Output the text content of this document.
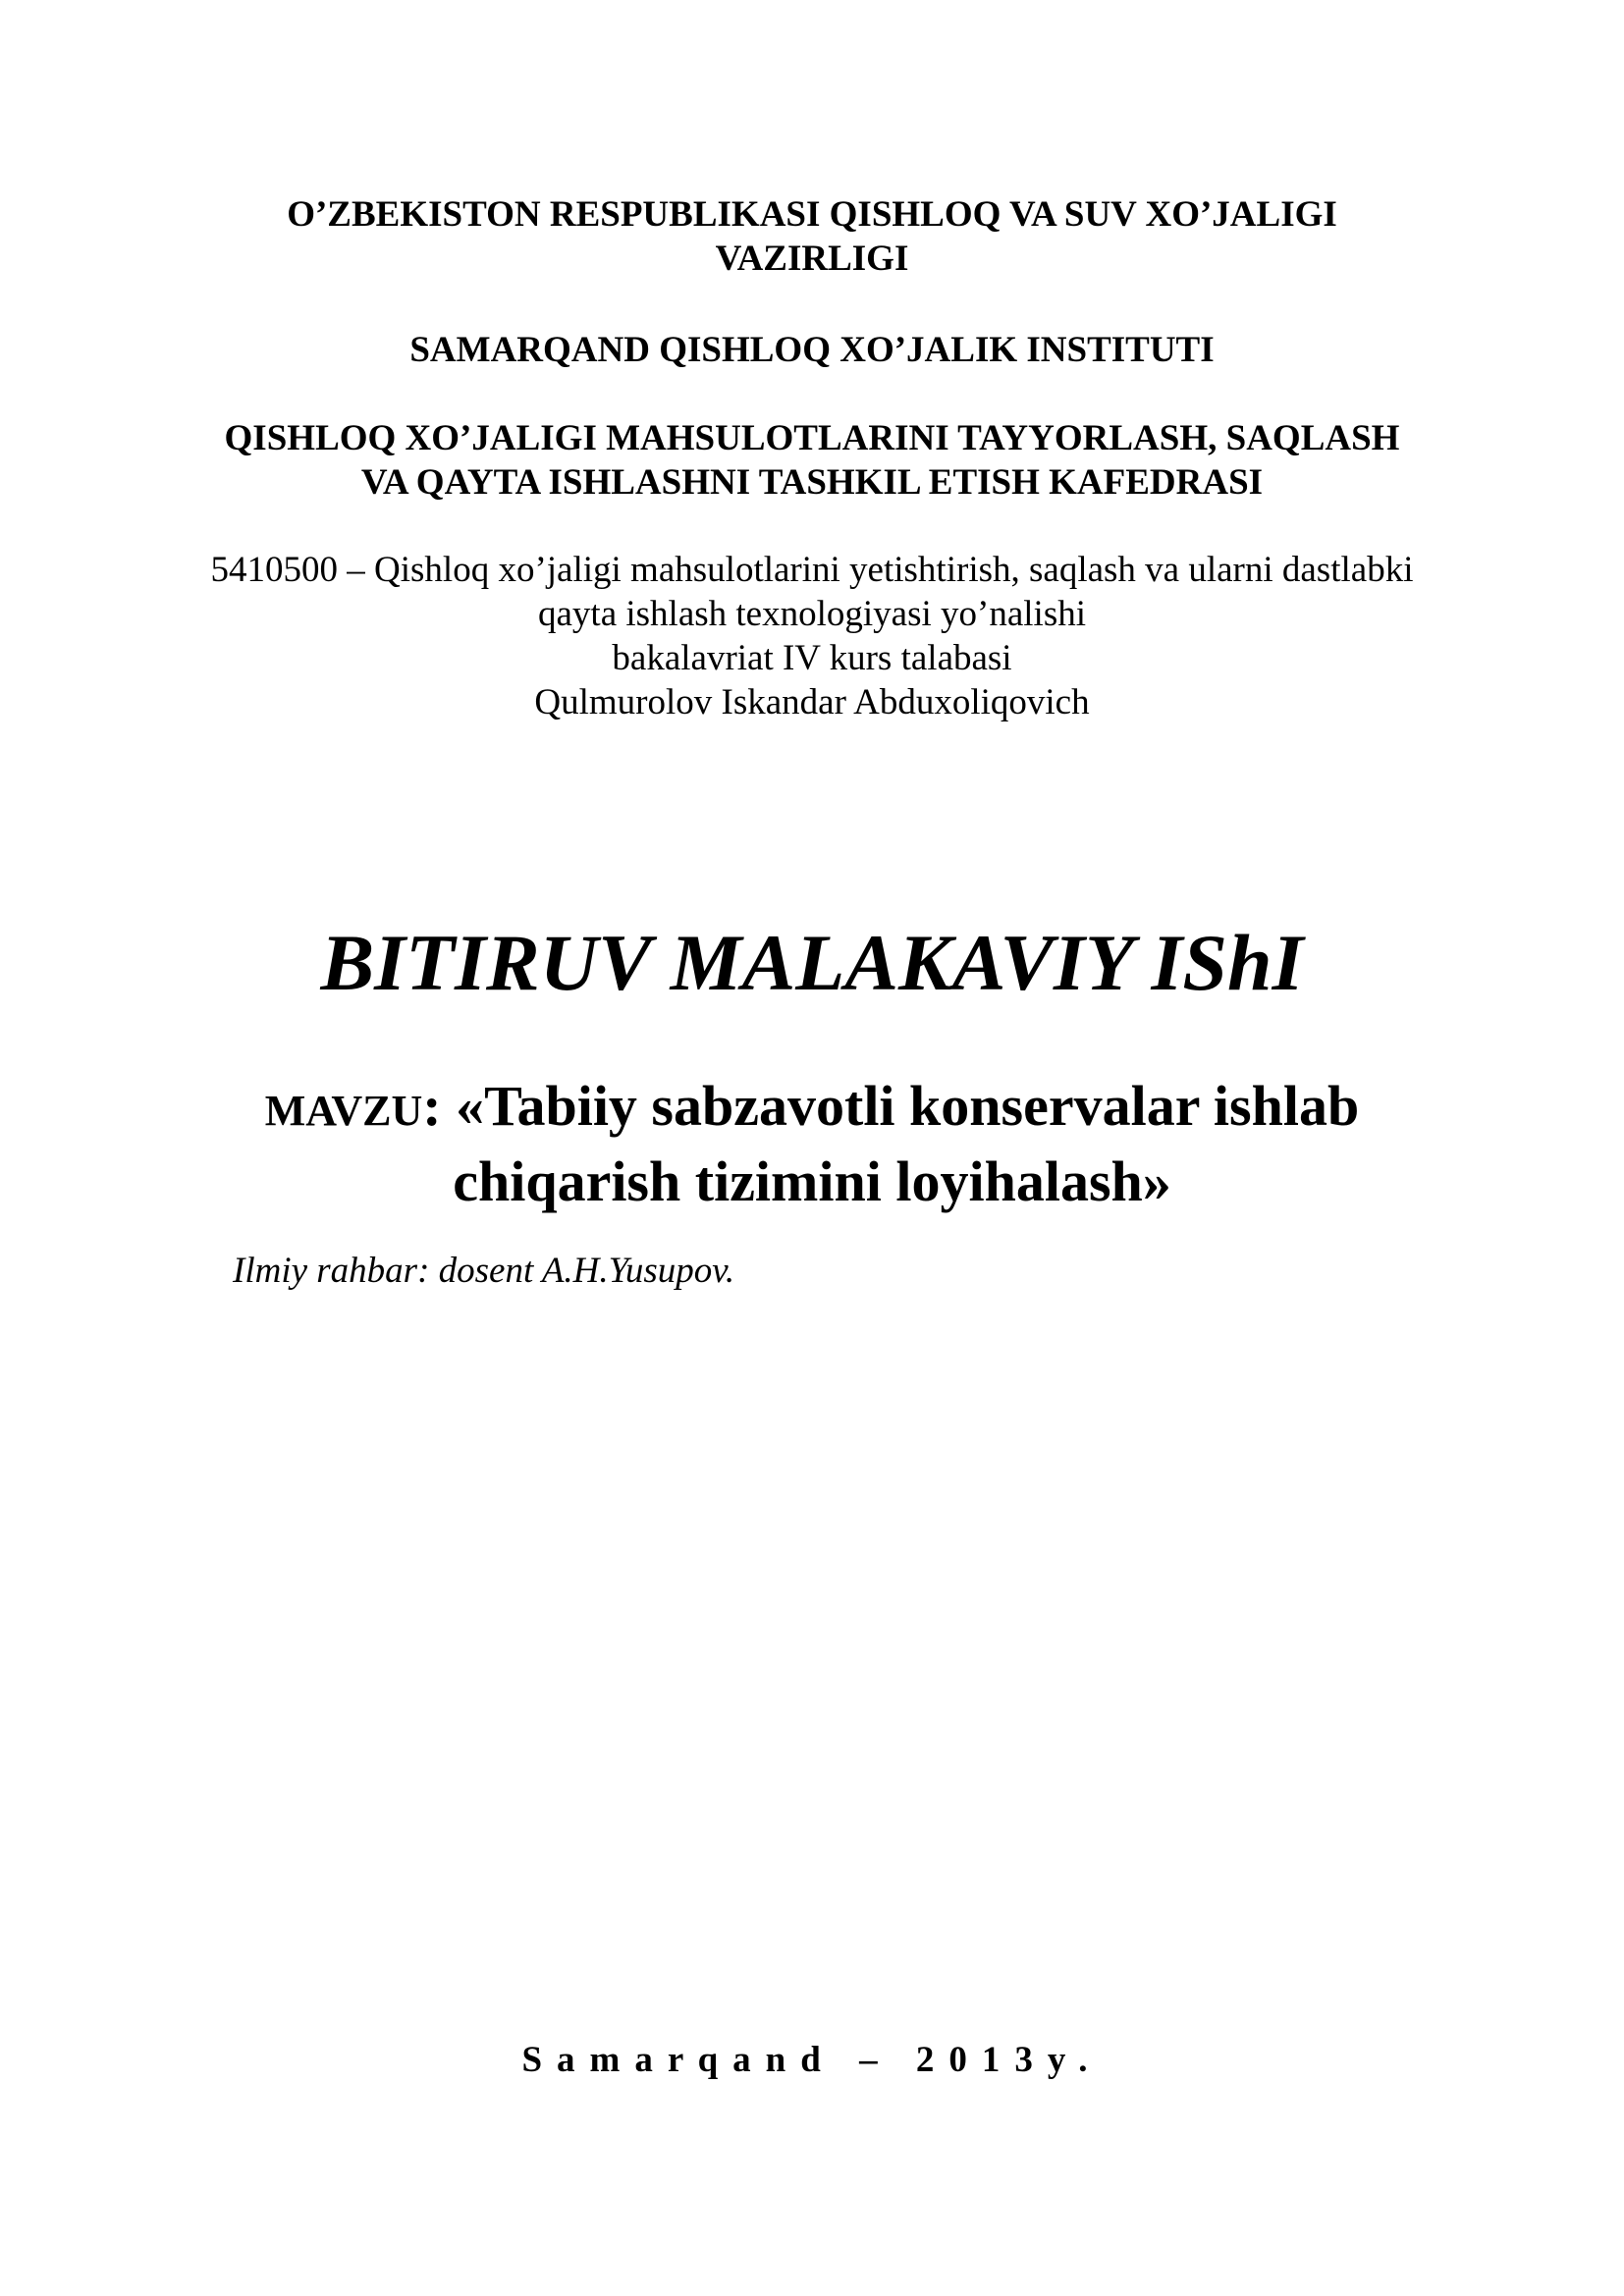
O’ZBEKISTON RESPUBLIKASI QISHLOQ VA SUV XO’JALIGI

VAZIRLIGI

SAMARQAND QISHLOQ XO’JALIK INSTITUTI

QISHLOQ XO’JALIGI MAHSULOTLARINI TAYYORLASH, SAQLASH

VA QAYTA ISHLASHNI TASHKIL ETISH KAFEDRASI

5410500 – Qishloq xo’jaligi mahsulotlarini yetishtirish, saqlash va ularni dastlabki

qayta ishlash texnologiyasi yo’nalishi

bakalavriat IV kurs talabasi

Qulmurolov Iskandar Abduxoliqovich

BITIRUV MALAKAVIY IShI

MAVZU: «Tabiiy sabzavotli konservalar ishlab

chiqarish tizimini loyihalash»

Ilmiy rahbar: dosent A.H.Yusupov.

Samarqand – 2013y.
